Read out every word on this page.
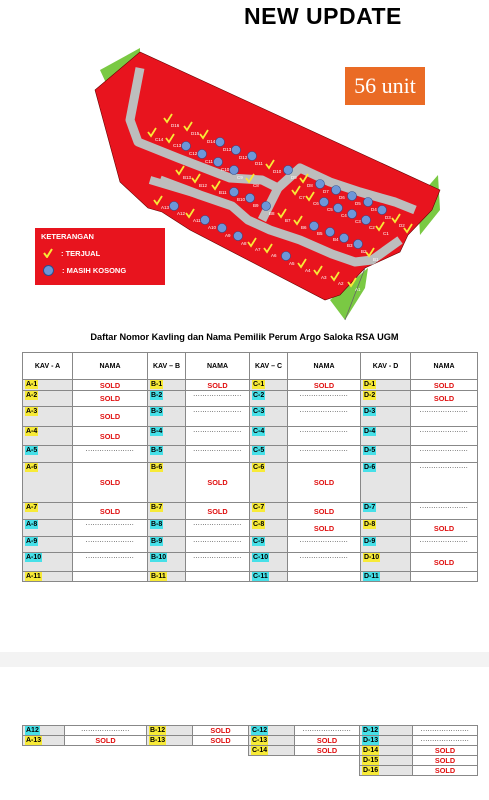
NEW UPDATE
56 unit
A1
A2
A3
A4
A5
A6
A7
A8
A9
A10
A11
A12
A13
B1
B2
B3
B4
B5
B6
B7
B8
B9
B10
B11
B12
B13
C1
C2
C3
C4
C5
C6
C7
C8
C9
C10
C11
C12
C13
C14
D1
D2
D3
D4
D5
D6
D7
D8
D9
D10
D11
D12
D13
D14
D15
D16
KETERANGAN
: TERJUAL
: MASIH KOSONG
Daftar Nomor Kavling dan Nama Pemilik Perum Argo Saloka RSA UGM
KAV - A	NAMA	KAV – B	NAMA	KAV – C	NAMA	KAV - D	NAMA
A-1	SOLD	B-1	SOLD	C-1	SOLD	D-1	SOLD
A-2	SOLD	B-2	.....................	C-2	.....................	D-2	SOLD
A-3	SOLD	B-3	.....................	C-3	.....................	D-3	.....................
A-4	SOLD	B-4	.....................	C-4	.....................	D-4	.....................
A-5	.....................	B-5	.....................	C-5	.....................	D-5	.....................
A-6	SOLD	B-6	SOLD	C-6	SOLD	D-6	.....................
A-7	SOLD	B-7	SOLD	C-7	SOLD	D-7	.....................
A-8	.....................	B-8	.....................	C-8	SOLD	D-8	SOLD
A-9	.....................	B-9	.....................	C-9	.....................	D-9	.....................
A-10	.....................	B-10	.....................	C-10	.....................	D-10	SOLD
A-11		B-11		C-11		D-11	
A12	.....................	B-12	SOLD	C-12	.....................	D-12	.....................
A-13	SOLD	B-13	SOLD	C-13	SOLD	D-13	.....................
				C-14	SOLD	D-14	SOLD
						D-15	SOLD
						D-16	SOLD
